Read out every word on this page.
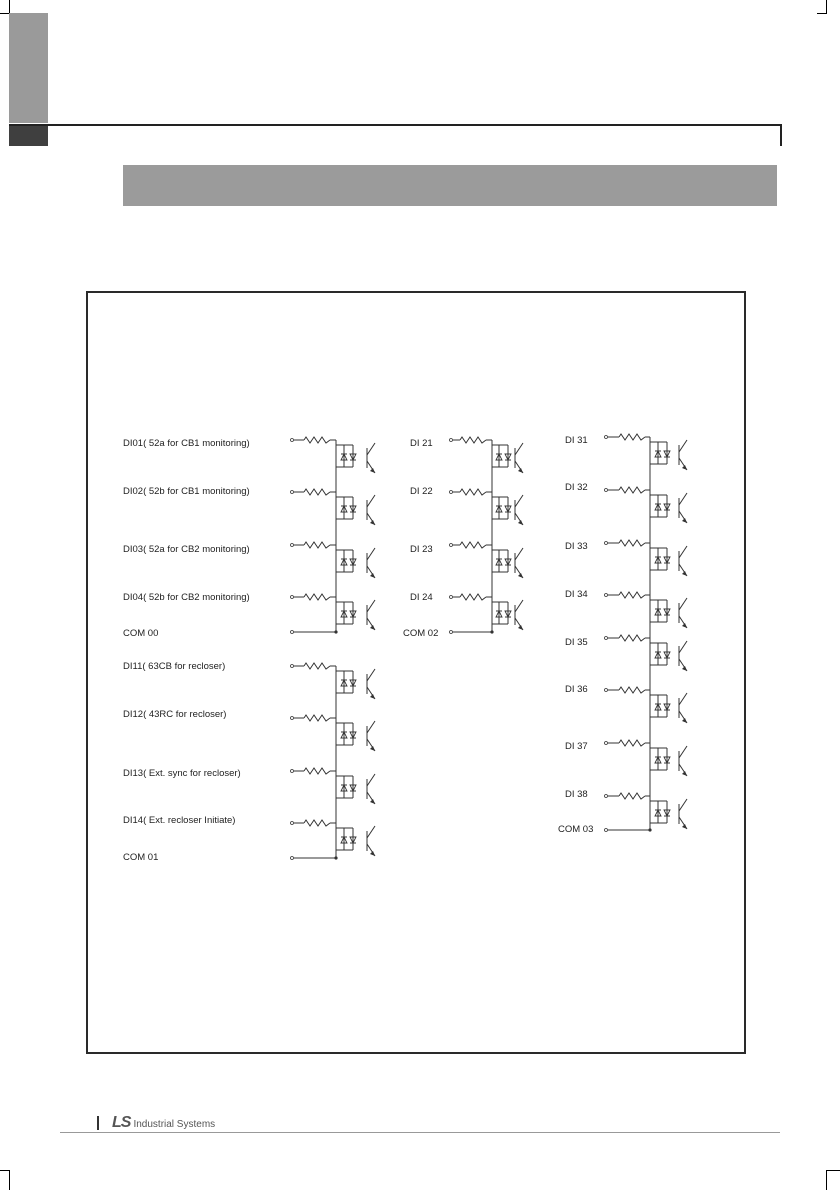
DI01( 52a for CB1 monitoring)
DI02( 52b for CB1 monitoring)
DI03( 52a for CB2 monitoring)
DI04( 52b for CB2 monitoring)
COM 00
DI11( 63CB for recloser)
DI12( 43RC for recloser)
DI13( Ext. sync for recloser)
DI14( Ext. recloser Initiate)
COM 01
DI 21
DI 22
DI 23
DI 24
COM 02
DI 31
DI 32
DI 33
DI 34
DI 35
DI 36
DI 37
DI 38
COM 03
LS Industrial Systems
